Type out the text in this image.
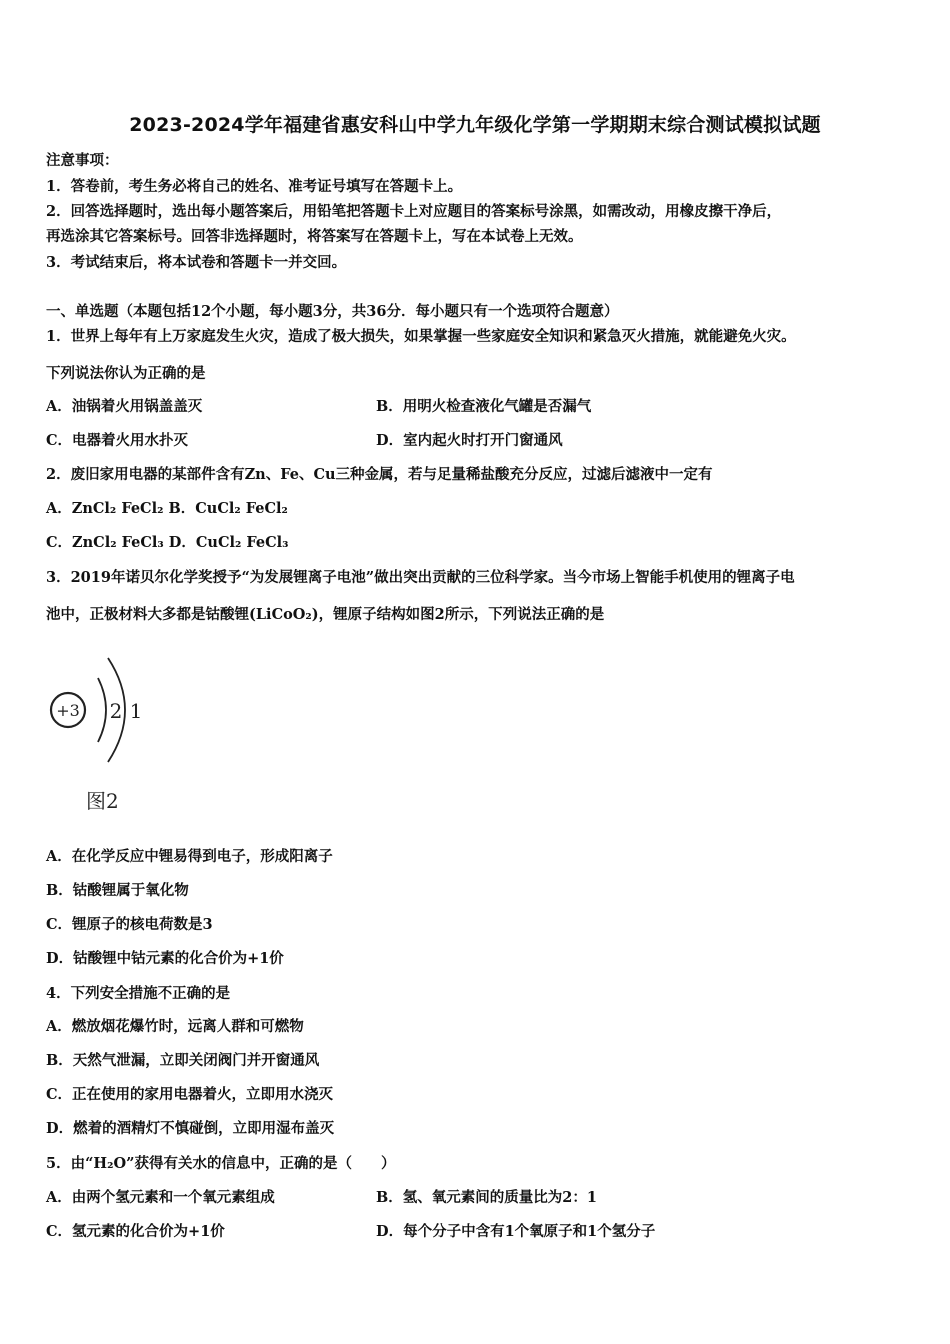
2023-2024学年福建省惠安科山中学九年级化学第一学期期末综合测试模拟试题
注意事项：
1．答卷前，考生务必将自己的姓名、准考证号填写在答题卡上。
2．回答选择题时，选出每小题答案后，用铅笔把答题卡上对应题目的答案标号涂黑，如需改动，用橡皮擦干净后，
再选涂其它答案标号。回答非选择题时，将答案写在答题卡上，写在本试卷上无效。
3．考试结束后，将本试卷和答题卡一并交回。
一、单选题（本题包括12个小题，每小题3分，共36分．每小题只有一个选项符合题意）
1．世界上每年有上万家庭发生火灾，造成了极大损失，如果掌握一些家庭安全知识和紧急灭火措施，就能避免火灾。
下列说法你认为正确的是
A．油锅着火用锅盖盖灭	B．用明火检查液化气罐是否漏气
C．电器着火用水扑灭	D．室内起火时打开门窗通风
2．废旧家用电器的某部件含有Zn、Fe、Cu三种金属，若与足量稀盐酸充分反应，过滤后滤液中一定有
A．ZnCl₂ FeCl₂ B．CuCl₂ FeCl₂
C．ZnCl₂ FeCl₃ D．CuCl₂ FeCl₃
3．2019年诺贝尔化学奖授予“为发展锂离子电池”做出突出贡献的三位科学家。当今市场上智能手机使用的锂离子电
池中，正极材料大多都是钴酸锂(LiCoO₂)，锂原子结构如图2所示，下列说法正确的是
+3 2 1
图2
A．在化学反应中锂易得到电子，形成阳离子
B．钴酸锂属于氧化物
C．锂原子的核电荷数是3
D．钴酸锂中钴元素的化合价为+1价
4．下列安全措施不正确的是
A．燃放烟花爆竹时，远离人群和可燃物
B．天然气泄漏，立即关闭阀门并开窗通风
C．正在使用的家用电器着火，立即用水浇灭
D．燃着的酒精灯不慎碰倒，立即用湿布盖灭
5．由“H₂O”获得有关水的信息中，正确的是（　　）
A．由两个氢元素和一个氧元素组成	B．氢、氧元素间的质量比为2：1
C．氢元素的化合价为+1价	D．每个分子中含有1个氧原子和1个氢分子
